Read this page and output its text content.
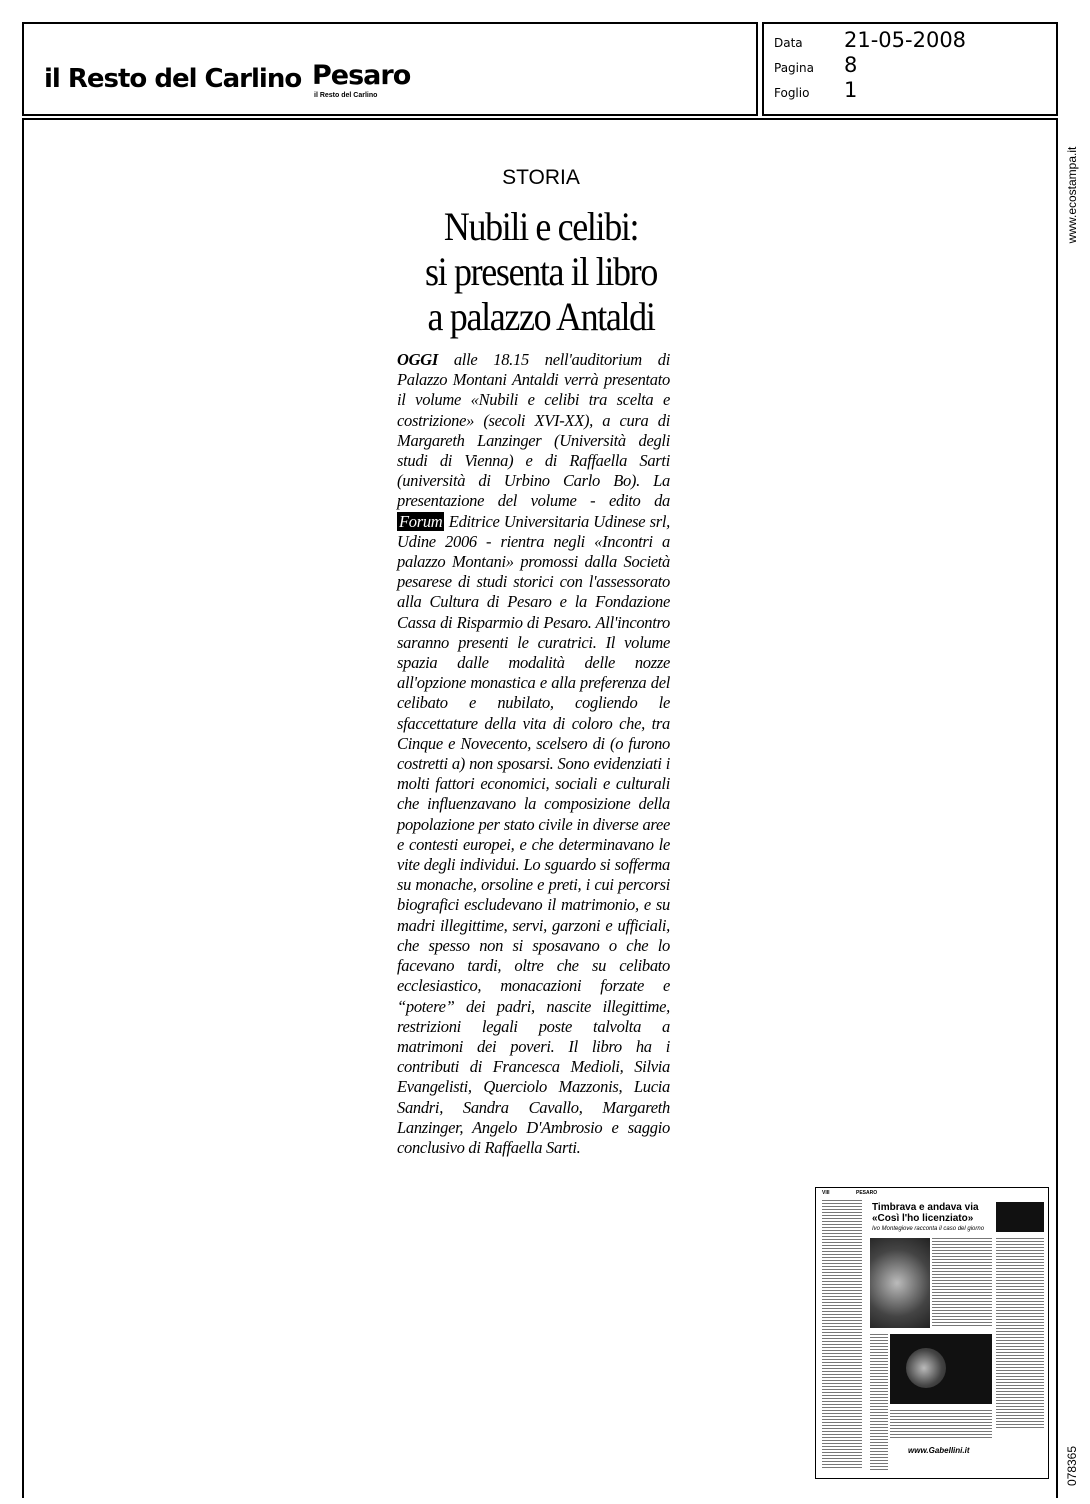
il Resto del Carlino Pesaro
il Resto del Carlino
Data	21-05-2008
Pagina	8
Foglio	1
www.ecostampa.it
078365
STORIA
Nubili e celibi:
si presenta il libro
a palazzo Antaldi
OGGI alle 18.15 nell'auditorium di Palazzo Montani Antaldi verrà presentato il volume «Nubili e celibi tra scelta e costrizione» (secoli XVI-XX), a cura di Margareth Lanzinger (Università degli studi di Vienna) e di Raffaella Sarti (università di Urbino Carlo Bo). La presentazione del volume - edito da Forum Editrice Universitaria Udinese srl, Udine 2006 - rientra negli «Incontri a palazzo Montani» promossi dalla Società pesarese di studi storici con l'assessorato alla Cultura di Pesaro e la Fondazione Cassa di Risparmio di Pesaro. All'incontro saranno presenti le curatrici. Il volume spazia dalle modalità delle nozze all'opzione monastica e alla preferenza del celibato e nubilato, cogliendo le sfaccettature della vita di coloro che, tra Cinque e Novecento, scelsero di (o furono costretti a) non sposarsi. Sono evidenziati i molti fattori economici, sociali e culturali che influenzavano la composizione della popolazione per stato civile in diverse aree e contesti europei, e che determinavano le vite degli individui. Lo sguardo si sofferma su monache, orsoline e preti, i cui percorsi biografici escludevano il matrimonio, e su madri illegittime, servi, garzoni e ufficiali, che spesso non si sposavano o che lo facevano tardi, oltre che su celibato ecclesiastico, monacazioni forzate e “potere” dei padri, nascite illegittime, restrizioni legali poste talvolta a matrimoni dei poveri. Il libro ha i contributi di Francesca Medioli, Silvia Evangelisti, Querciolo Mazzonis, Lucia Sandri, Sandra Cavallo, Margareth Lanzinger, Angelo D'Ambrosio e saggio conclusivo di Raffaella Sarti.
VIII	PESARO
Timbrava e andava via
«Così l'ho licenziato»
Ivo Montegiove racconta il caso del giorno
www.Gabellini.it
